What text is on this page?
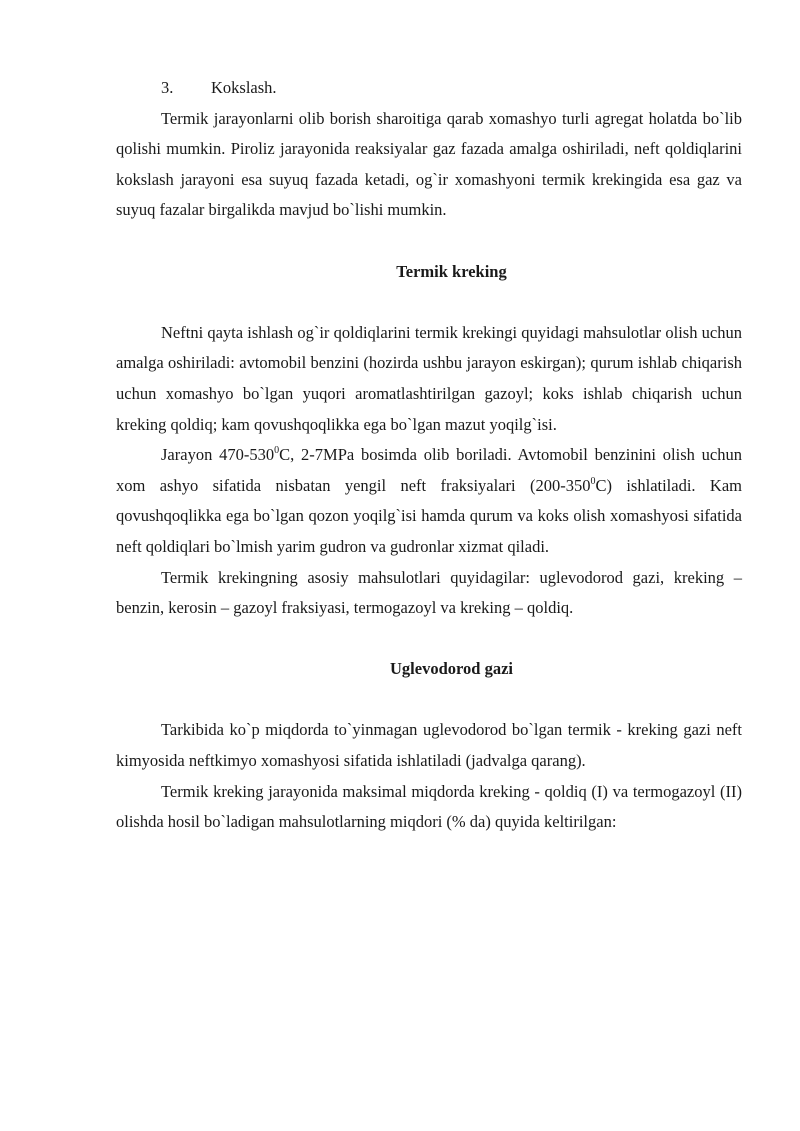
3. Kokslash.

Termik jarayonlarni olib borish sharoitiga qarab xomashyo turli agregat holatda bo`lib qolishi mumkin. Piroliz jarayonida reaksiyalar gaz fazada amalga oshiriladi, neft qoldiqlarini kokslash jarayoni esa suyuq fazada ketadi, og`ir xomashyoni termik krekingida esa gaz va suyuq fazalar birgalikda mavjud bo`lishi mumkin.

Termik kreking

Neftni qayta ishlash og`ir qoldiqlarini termik krekingi quyidagi mahsulotlar olish uchun amalga oshiriladi: avtomobil benzini (hozirda ushbu jarayon eskirgan); qurum ishlab chiqarish uchun xomashyo bo`lgan yuqori aromatlashtirilgan gazoyl; koks ishlab chiqarish uchun kreking qoldiq; kam qovushqoqlikka ega bo`lgan mazut yoqilg`isi.

Jarayon $470-530^0C$, 2-7MPa bosimda olib boriladi. Avtomobil benzinini olish uchun xom ashyo sifatida nisbatan yengil neft fraksiyalari $(200-350^0C)$ ishlatiladi. Kam qovushqoqlikka ega bo`lgan qozon yoqilg`isi hamda qurum va koks olish xomashyosi sifatida neft qoldiqlari bo`lmish yarim gudron va gudronlar xizmat qiladi.

Termik krekingning asosiy mahsulotlari quyidagilar: uglevodorod gazi, kreking – benzin, kerosin – gazoyl fraksiyasi, termogazoyl va kreking – qoldiq.

Uglevodorod gazi

Tarkibida ko`p miqdorda to`yinmagan uglevodorod bo`lgan termik - kreking gazi neft kimyosida neftkimyo xomashyosi sifatida ishlatiladi (jadvalga qarang).

Termik kreking jarayonida maksimal miqdorda kreking - qoldiq (I) va termogazoyl (II) olishda hosil bo`ladigan mahsulotlarning miqdori (% da) quyida keltirilgan:
